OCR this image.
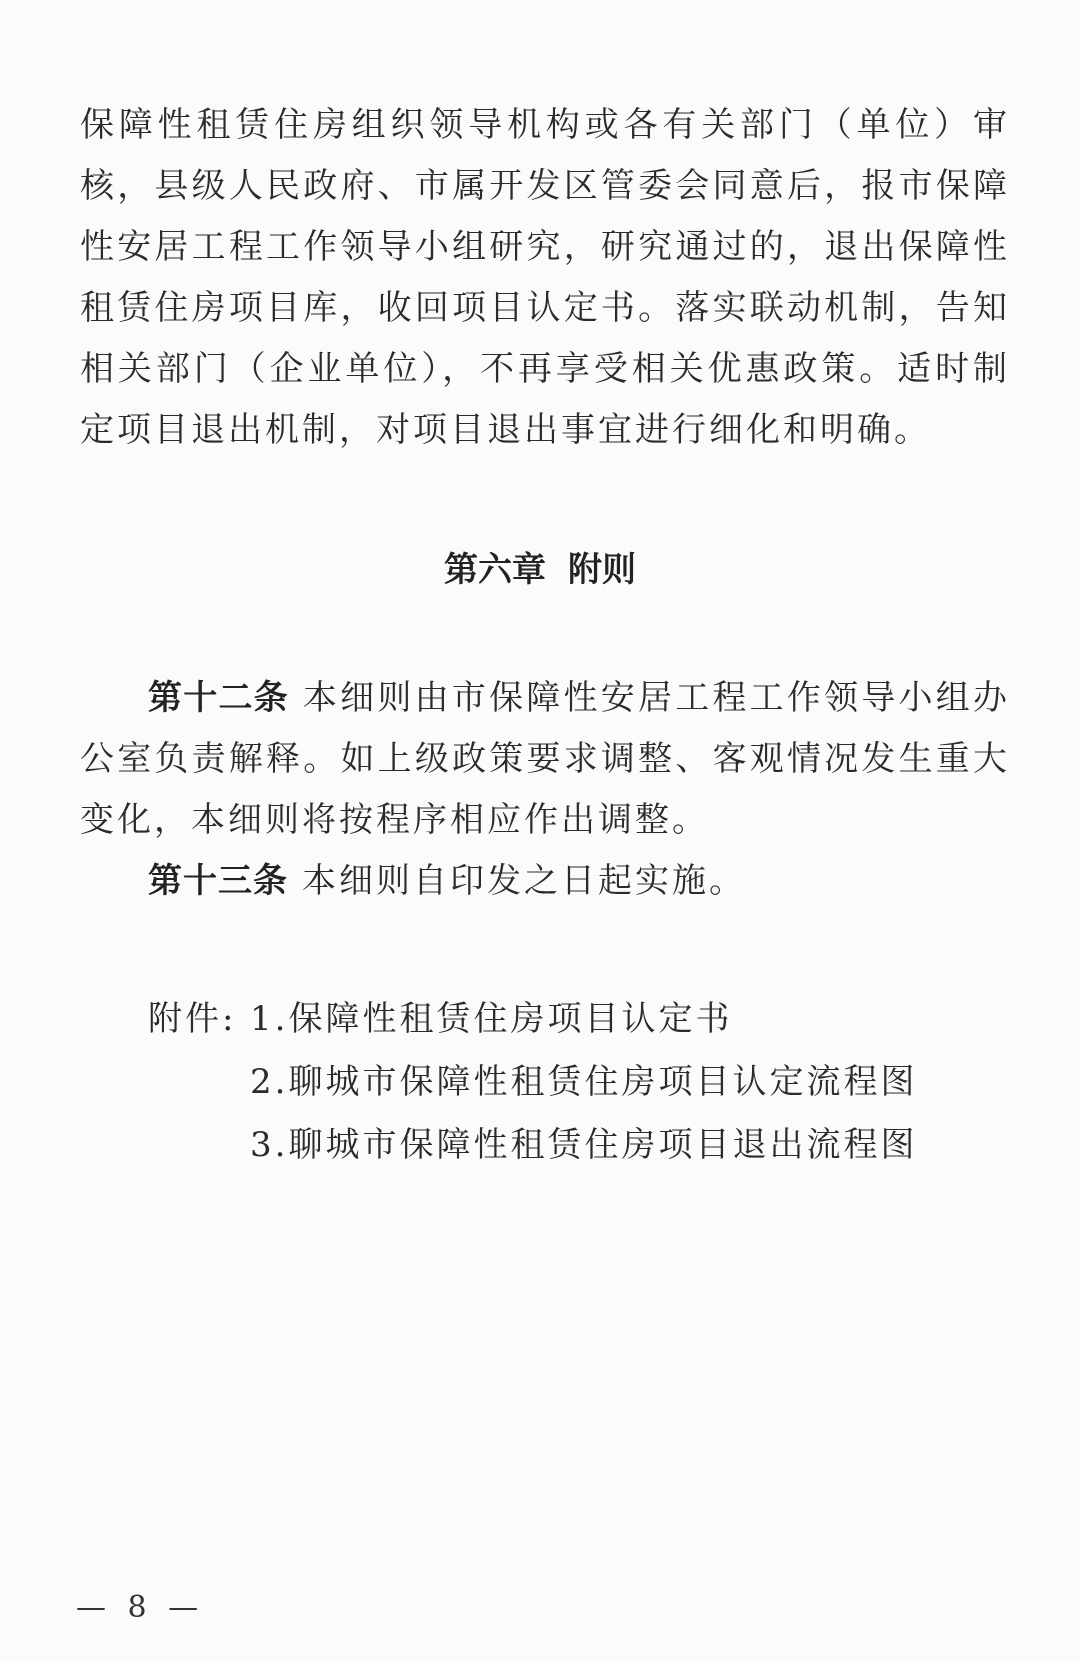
保障性租赁住房组织领导机构或各有关部门（单位）审核，县级人民政府、市属开发区管委会同意后，报市保障性安居工程工作领导小组研究，研究通过的，退出保障性租赁住房项目库，收回项目认定书。落实联动机制，告知相关部门（企业单位），不再享受相关优惠政策。适时制定项目退出机制，对项目退出事宜进行细化和明确。

第六章 附则

第十二条 本细则由市保障性安居工程工作领导小组办公室负责解释。如上级政策要求调整、客观情况发生重大变化，本细则将按程序相应作出调整。

第十三条 本细则自印发之日起实施。

附件: 1.保障性租赁住房项目认定书
2.聊城市保障性租赁住房项目认定流程图
3.聊城市保障性租赁住房项目退出流程图
— 8 —
